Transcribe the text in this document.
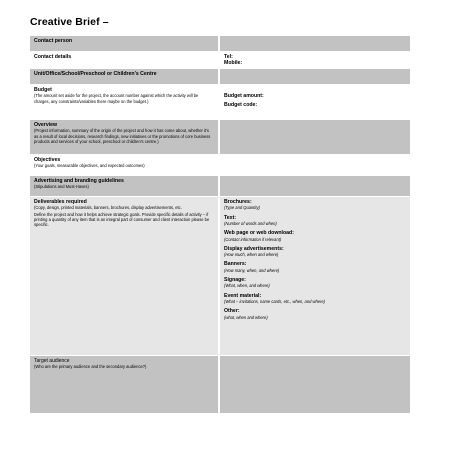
Creative Brief –
Contact person
Contact details	Tel:
Mobile:
Unit/Office/School/Preschool or Children’s Centre
Budget
(The amount set aside for the project, the account number against which the activity will be charges, any constraints/variables there maybe on the budget.)
Budget amount:
Budget code:
Overview
(Project information, summary of the origin of the project and how it has come about, whether it’s as a result of local decisions, research findings, new initiatives or the promotions of core business products and services of your school, preschool or children’s centre.)
Objectives
(Your goals, measurable objectives, and expected outcomes)
Advertising and branding guidelines
(Stipulations and Must-Haves)
Deliverables required
(Copy, design, printed materials, banners, brochures, display advertisements, etc.
Define the project and how it helps achieve strategic goals. Provide specific details of activity – if printing a quantity of any item that is an integral part of consumer and client interaction please be specific.
Brochures:
(Type and Quantity)
Text:
(Number of words and when)
Web page or web download:
(Contact information if relevant)
Display advertisements:
(How much, when and where)
Banners:
(How many, when, and where)
Signage:
(What, when, and where)
Event material:
(What – invitations, name cards, etc., when, and where)
Other:
(what, when and where)
Target audience
(Who are the primary audience and the secondary audience?)
